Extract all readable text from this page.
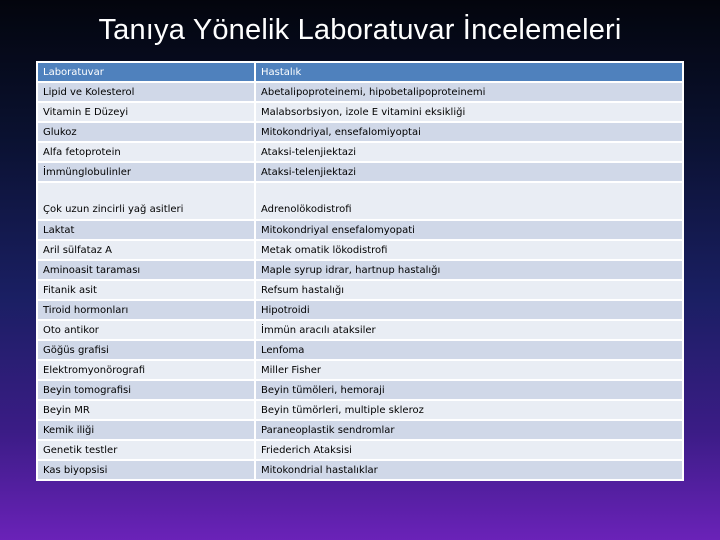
Tanıya Yönelik Laboratuvar İncelemeleri
Laboratuvar	Hastalık
Lipid ve Kolesterol	Abetalipoproteinemi, hipobetalipoproteinemi
Vitamin E Düzeyi	Malabsorbsiyon, izole E vitamini eksikliği
Glukoz	Mitokondriyal, ensefalomiyoptai
Alfa fetoprotein	Ataksi-telenjiektazi
İmmünglobulinler	Ataksi-telenjiektazi
Çok uzun zincirli yağ asitleri	Adrenolökodistrofi
Laktat	Mitokondriyal ensefalomyopati
Aril sülfataz A	Metak omatik lökodistrofi
Aminoasit taraması	Maple syrup idrar, hartnup hastalığı
Fitanik asit	Refsum hastalığı
Tiroid hormonları	Hipotroidi
Oto antikor	İmmün aracılı ataksiler
Göğüs grafisi	Lenfoma
Elektromyonörografi	Miller Fisher
Beyin tomografisi	Beyin tümöleri, hemoraji
Beyin MR	Beyin tümörleri, multiple skleroz
Kemik iliği	Paraneoplastik sendromlar
Genetik testler	Friederich Ataksisi
Kas biyopsisi	Mitokondrial hastalıklar
